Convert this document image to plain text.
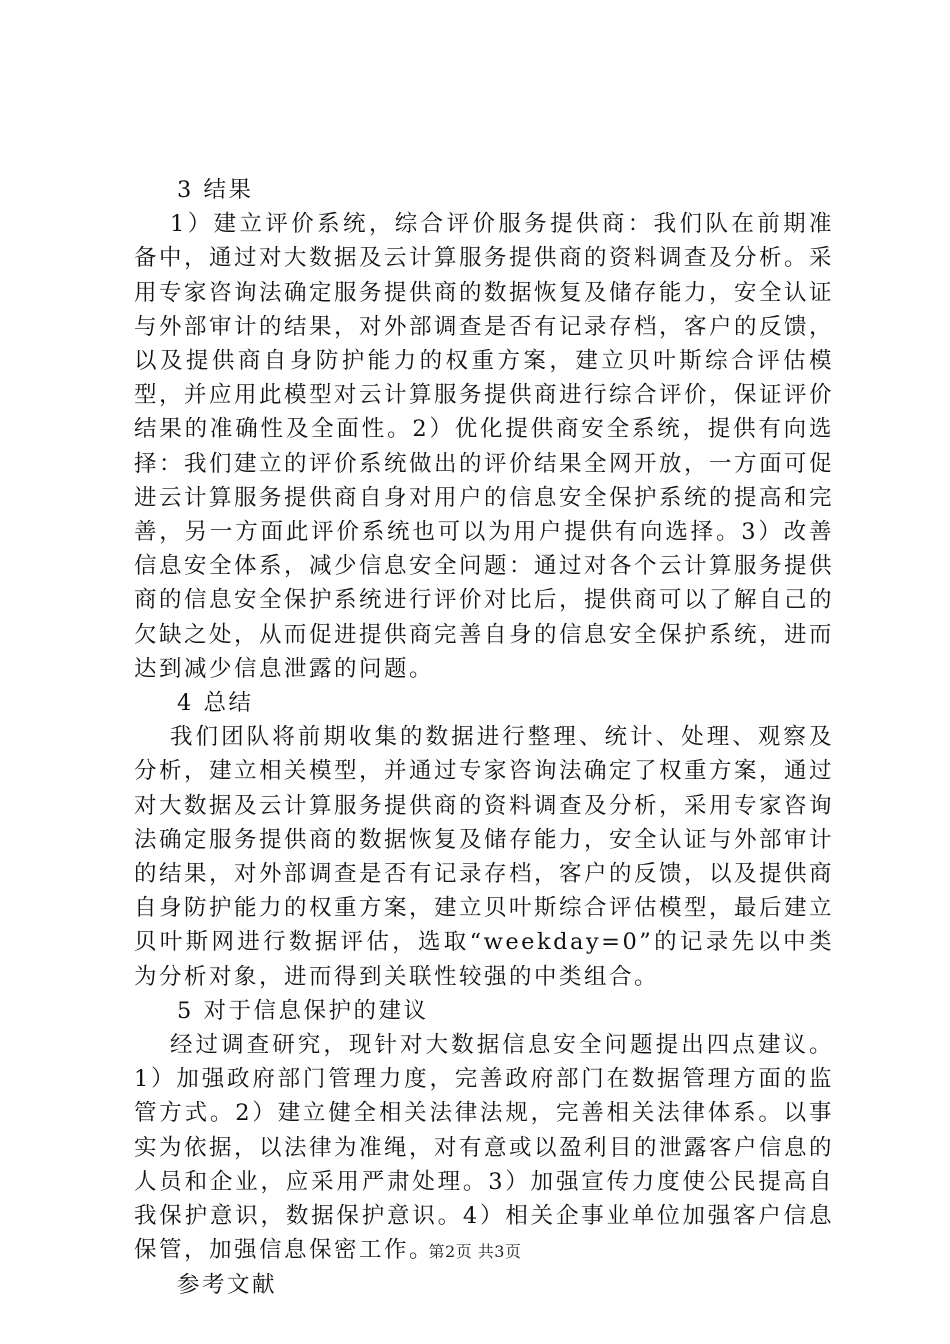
3 结果

1）建立评价系统，综合评价服务提供商：我们队在前期准备中，通过对大数据及云计算服务提供商的资料调查及分析。采用专家咨询法确定服务提供商的数据恢复及储存能力，安全认证与外部审计的结果，对外部调查是否有记录存档，客户的反馈，以及提供商自身防护能力的权重方案，建立贝叶斯综合评估模型，并应用此模型对云计算服务提供商进行综合评价，保证评价结果的准确性及全面性。2）优化提供商安全系统，提供有向选择：我们建立的评价系统做出的评价结果全网开放，一方面可促进云计算服务提供商自身对用户的信息安全保护系统的提高和完善，另一方面此评价系统也可以为用户提供有向选择。3）改善信息安全体系，减少信息安全问题：通过对各个云计算服务提供商的信息安全保护系统进行评价对比后，提供商可以了解自己的欠缺之处，从而促进提供商完善自身的信息安全保护系统，进而达到减少信息泄露的问题。

4 总结

我们团队将前期收集的数据进行整理、统计、处理、观察及分析，建立相关模型，并通过专家咨询法确定了权重方案，通过对大数据及云计算服务提供商的资料调查及分析，采用专家咨询法确定服务提供商的数据恢复及储存能力，安全认证与外部审计的结果，对外部调查是否有记录存档，客户的反馈，以及提供商自身防护能力的权重方案，建立贝叶斯综合评估模型，最后建立贝叶斯网进行数据评估，选取“weekday=0”的记录先以中类为分析对象，进而得到关联性较强的中类组合。

5 对于信息保护的建议

经过调查研究，现针对大数据信息安全问题提出四点建议。1）加强政府部门管理力度，完善政府部门在数据管理方面的监管方式。2）建立健全相关法律法规，完善相关法律体系。以事实为依据，以法律为准绳，对有意或以盈利目的泄露客户信息的人员和企业，应采用严肃处理。3）加强宣传力度使公民提高自我保护意识，数据保护意识。4）相关企事业单位加强客户信息保管，加强信息保密工作。

参考文献

第2页 共3页
